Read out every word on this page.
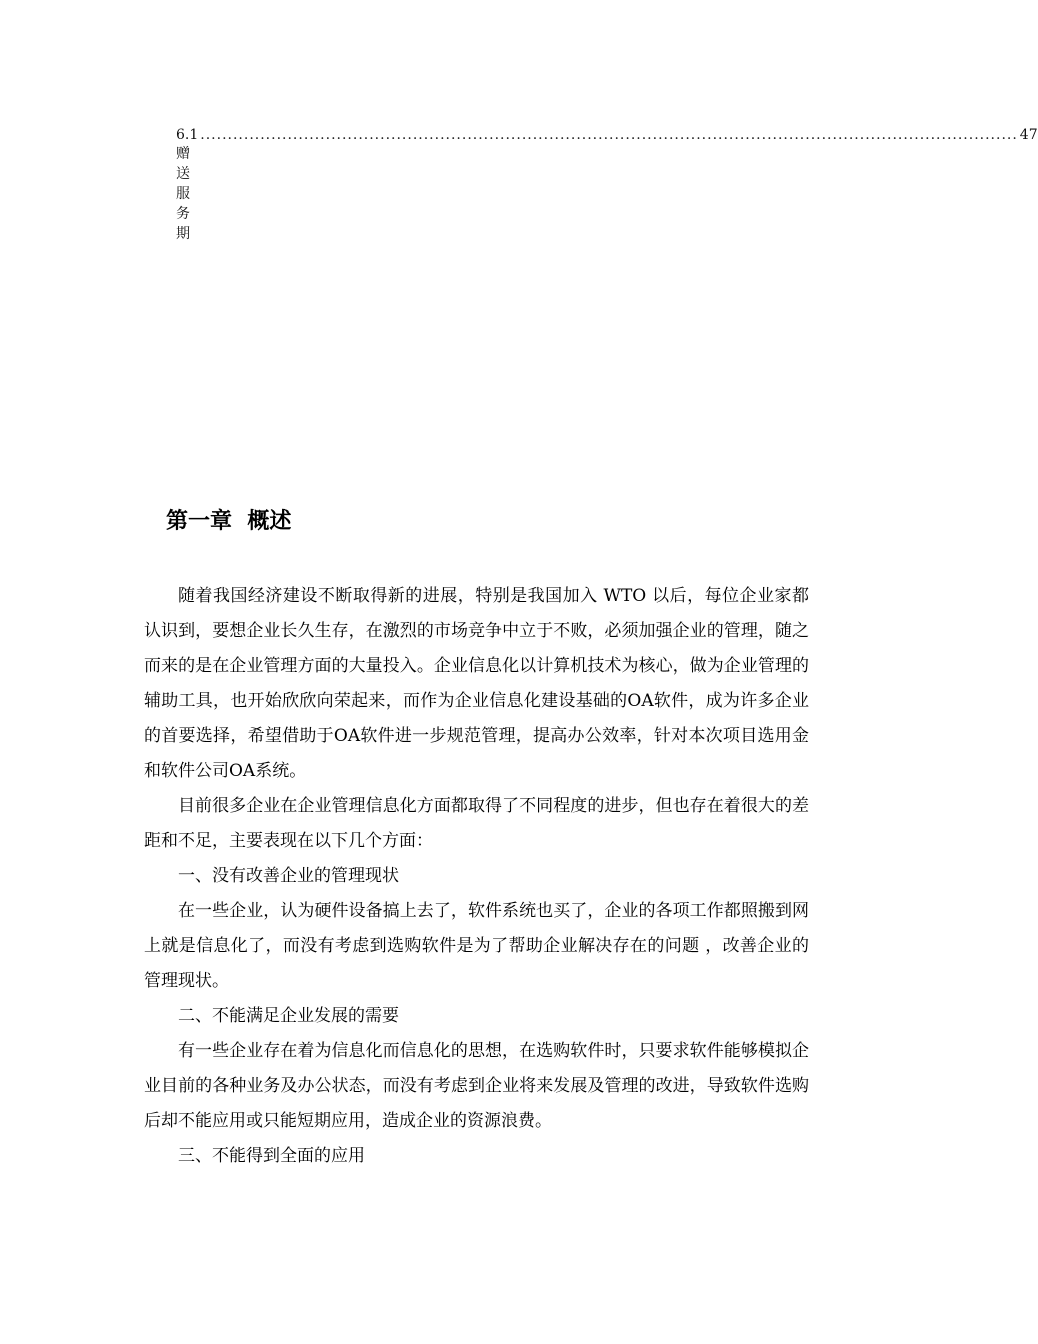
6.1赠送服务期
...................................................................................................................................................... 47
第一章  概述

随着我国经济建设不断取得新的进展，特别是我国加入 WTO 以后，每位企业家都认识到，要想企业长久生存，在激烈的市场竞争中立于不败，必须加强企业的管理，随之而来的是在企业管理方面的大量投入。企业信息化以计算机技术为核心，做为企业管理的辅助工具，也开始欣欣向荣起来，而作为企业信息化建设基础的OA软件，成为许多企业的首要选择，希望借助于OA软件进一步规范管理，提高办公效率，针对本次项目选用金和软件公司OA系统。

目前很多企业在企业管理信息化方面都取得了不同程度的进步，但也存在着很大的差距和不足，主要表现在以下几个方面：

一、没有改善企业的管理现状

在一些企业，认为硬件设备搞上去了，软件系统也买了，企业的各项工作都照搬到网上就是信息化了，而没有考虑到选购软件是为了帮助企业解决存在的问题 ，改善企业的管理现状。

二、不能满足企业发展的需要

有一些企业存在着为信息化而信息化的思想，在选购软件时，只要求软件能够模拟企业目前的各种业务及办公状态，而没有考虑到企业将来发展及管理的改进，导致软件选购后却不能应用或只能短期应用，造成企业的资源浪费。

三、不能得到全面的应用
